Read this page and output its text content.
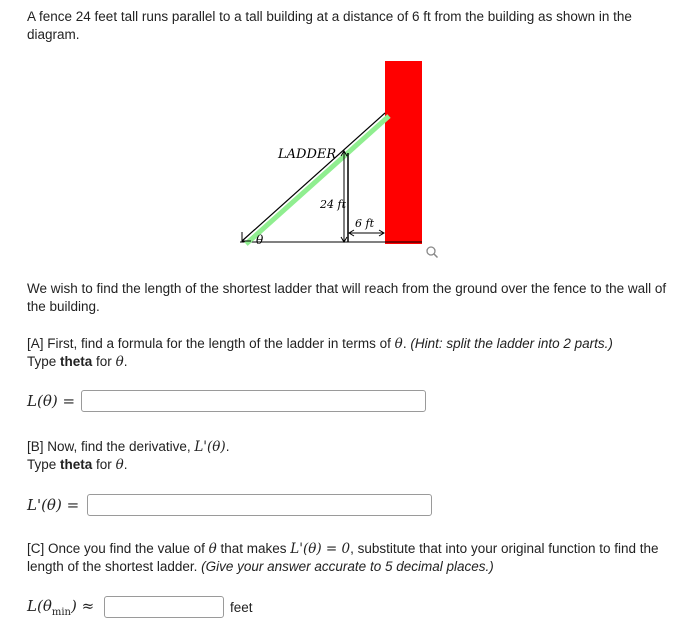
A fence 24 feet tall runs parallel to a tall building at a distance of 6 ft from the building as shown in the diagram.
LADDER
24 ft
6 ft
θ
We wish to find the length of the shortest ladder that will reach from the ground over the fence to the wall of the building.
[A] First, find a formula for the length of the ladder in terms of θ. (Hint: split the ladder into 2 parts.)
Type theta for θ.
L(θ) =
[B] Now, find the derivative, L'(θ).
Type theta for θ.
L'(θ) =
[C] Once you find the value of θ that makes L'(θ) = 0, substitute that into your original function to find the length of the shortest ladder. (Give your answer accurate to 5 decimal places.)
$L(\theta_{min})$ ≈	feet
